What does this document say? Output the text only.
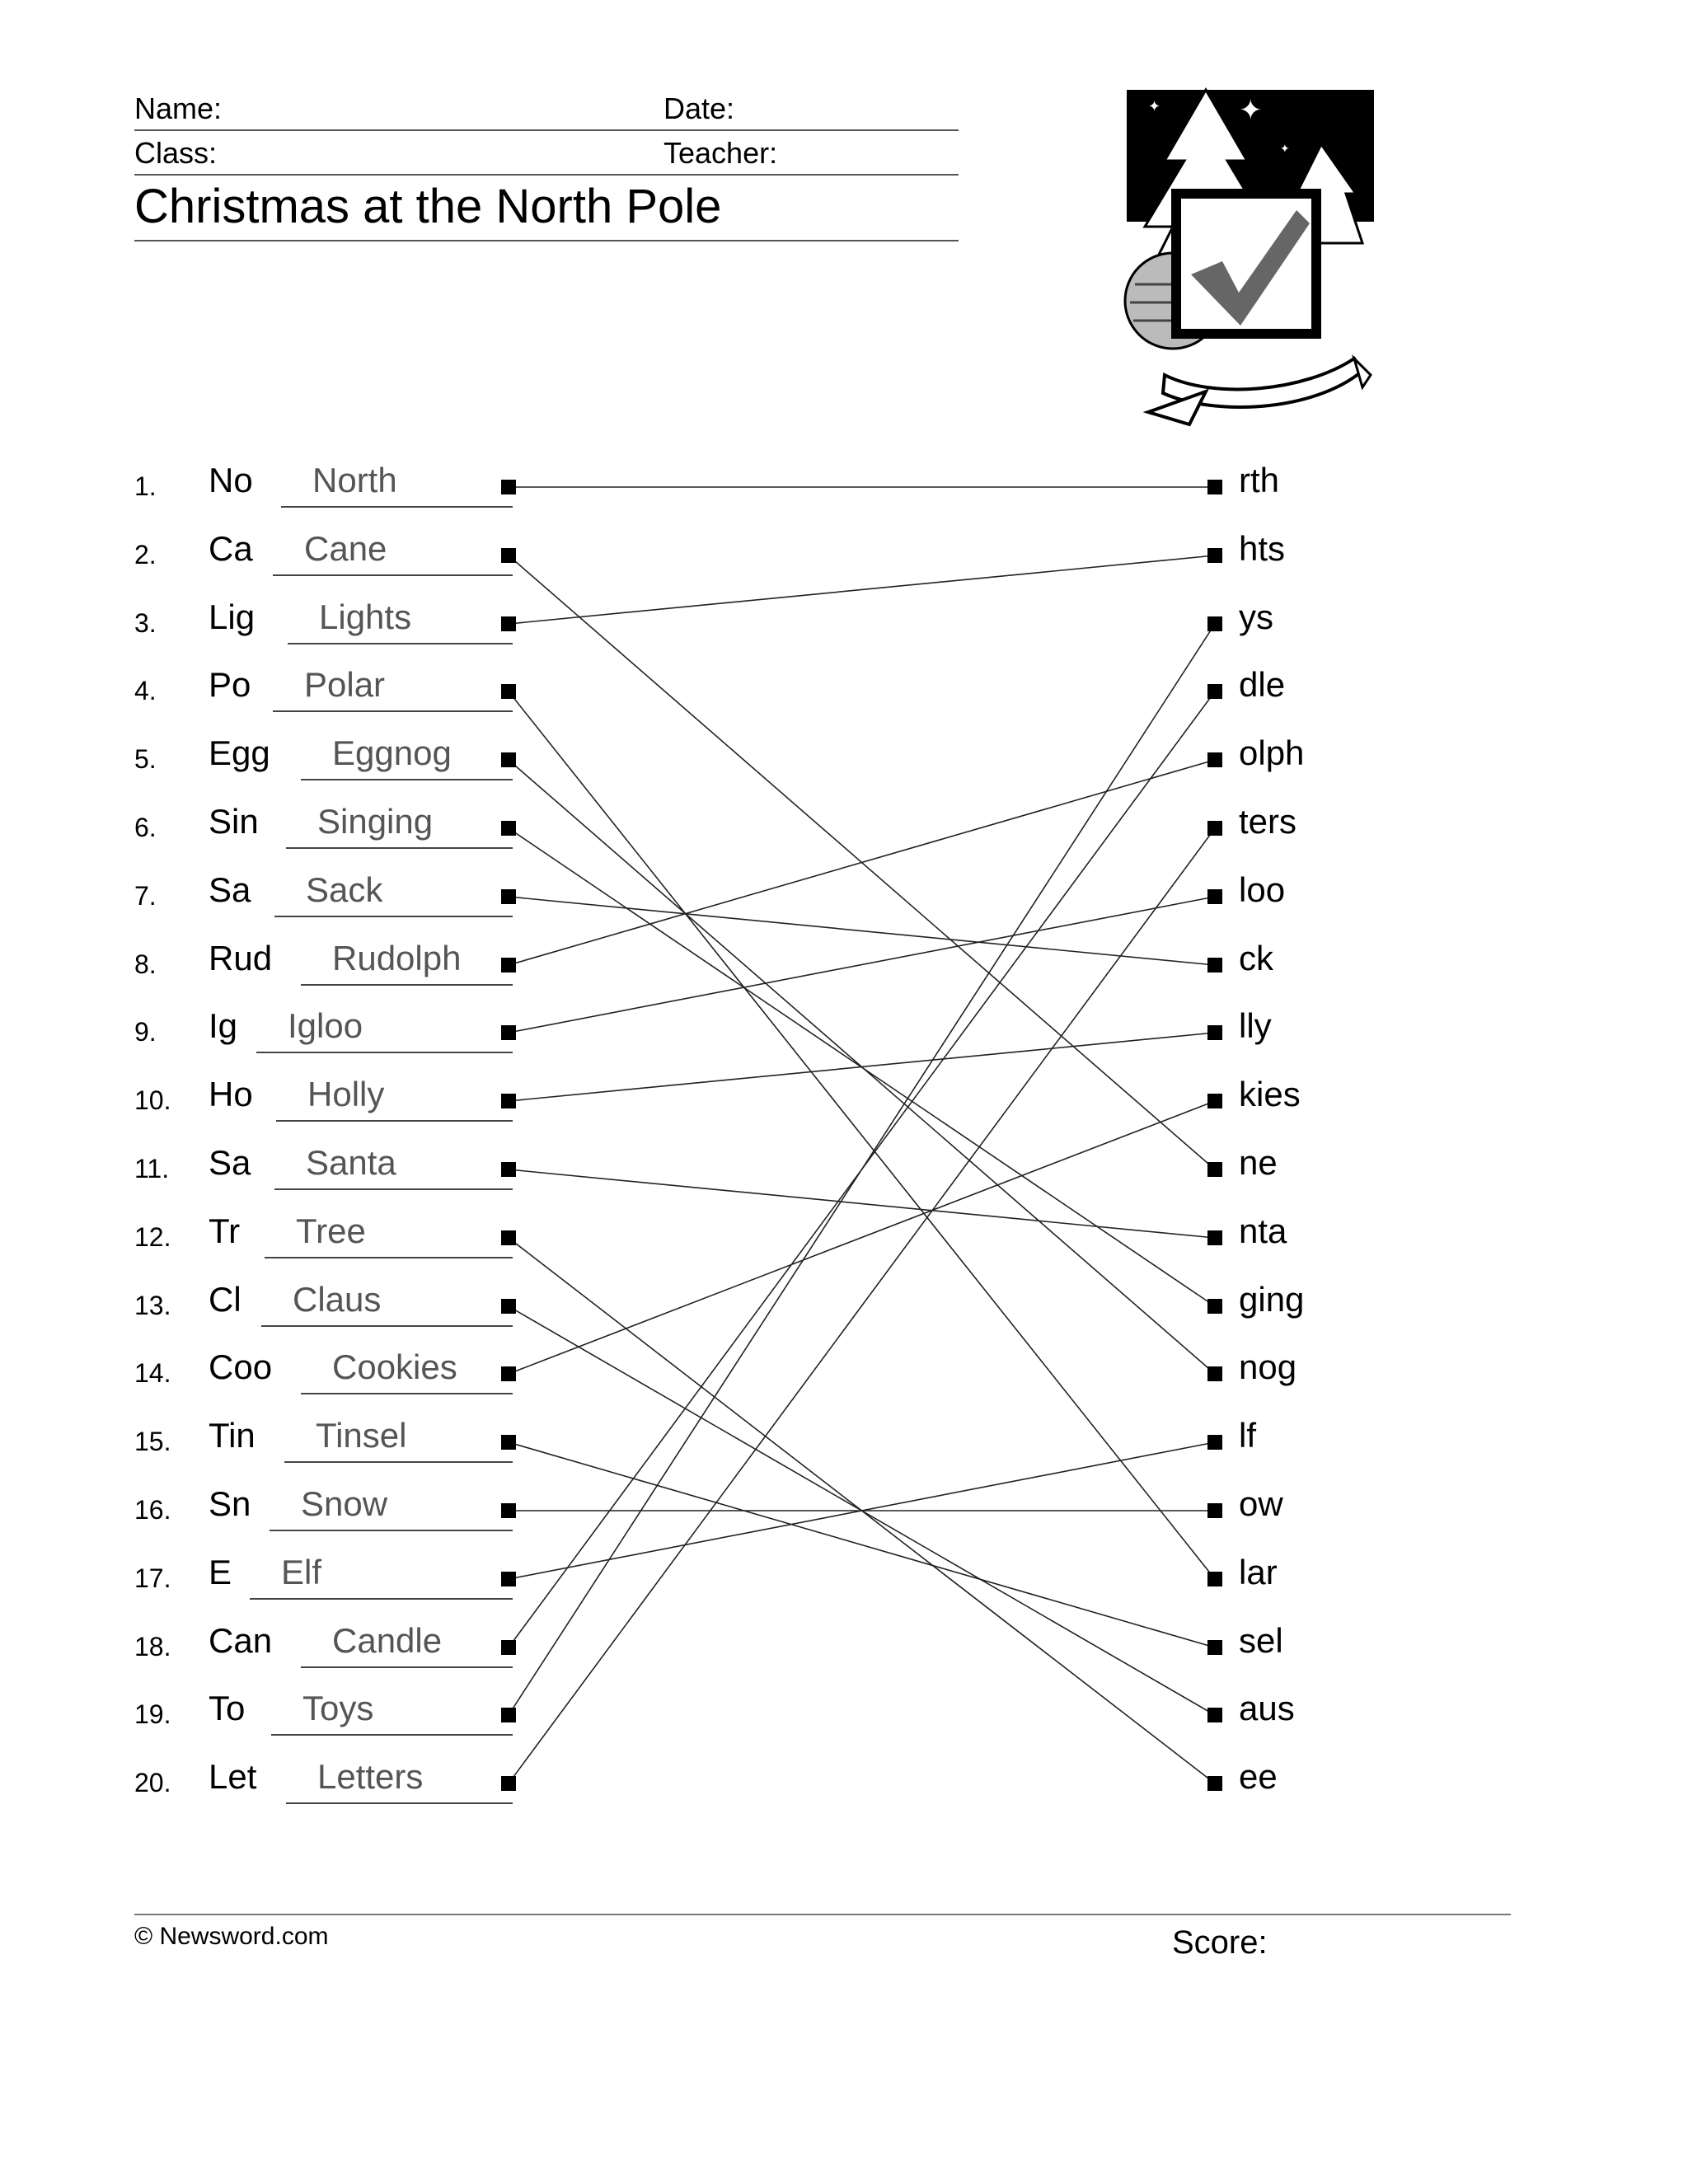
Name:	Date:
Class:	Teacher:
Christmas at the North Pole
✦
✦
✦
1.	No North	rth
2.	Ca Cane	hts
3.	Lig Lights	ys
4.	Po Polar	dle
5.	Egg Eggnog	olph
6.	Sin Singing	ters
7.	Sa Sack	loo
8.	Rud Rudolph	ck
9.	Ig Igloo	lly
10.	Ho Holly	kies
11.	Sa Santa	ne
12.	Tr Tree	nta
13.	Cl Claus	ging
14.	Coo Cookies	nog
15.	Tin Tinsel	lf
16.	Sn Snow	ow
17.	E Elf	lar
18.	Can Candle	sel
19.	To Toys	aus
20.	Let Letters	ee
© Newsword.com	Score:
